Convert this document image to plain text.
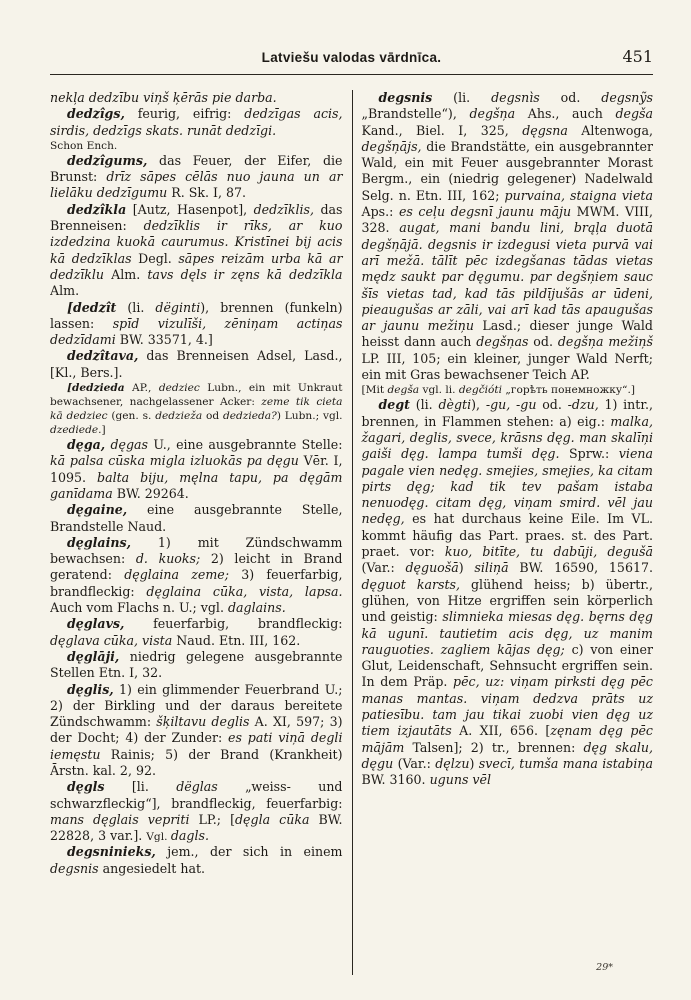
Latviešu valodas vārdnīca.	451

nekļa dedzību viņš ķērās pie darba.

dedzîgs, feurig, eifrig: dedzīgas acis, sirdis, dedzīgs skats. runāt dedzīgi.

Schon Ench.

dedzîgums, das Feuer, der Eifer, die Brunst: drīz sāpes cēlās nuo jauna un ar lielāku dedzīgumu R. Sk. I, 87.

dedzîkla [Autz, Hasenpot], dedzīklis, das Brenneisen: dedzīklis ir rīks, ar kuo izdedzina kuokā caurumus. Kristīnei bij acis kā dedzīklas Degl. sāpes reizām urba kā ar dedzīklu Alm. tavs dęls ir zęns kā dedzīkla Alm.

[dedzît (li. dëginti), brennen (funkeln) lassen: spīd vizulīši, zēniņam actiņas dedzīdami BW. 33571, 4.]

dedzîtava, das Brenneisen Adsel, Lasd., [Kl., Bers.].

[dedzieda AP., dedziec Lubn., ein mit Unkraut bewachsener, nachgelassener Acker: zeme tik cieta kā dedziec (gen. s. dedzieža od dedzieda?) Lubn.; vgl. dzediede.]

dęga, dęgas U., eine ausgebrannte Stelle: kā palsa cūska migla izluokās pa dęgu Vēr. I, 1095. balta biju, męlna tapu, pa dęgām ganīdama BW. 29264.

dęgaine, eine ausgebrannte Stelle, Brandstelle Naud.

dęglains, 1) mit Zündschwamm bewachsen: d. kuoks; 2) leicht in Brand geratend: dęglaina zeme; 3) feuerfarbig, brandfleckig: dęglaina cūka, vista, lapsa. Auch vom Flachs n. U.; vgl. daglains.

dęglavs, feuerfarbig, brandfleckig: dęglava cūka, vista Naud. Etn. III, 162.

dęglāji, niedrig gelegene ausgebrannte Stellen Etn. I, 32.

dęglis, 1) ein glimmender Feuerbrand U.; 2) der Birkling und der daraus bereitete Zündschwamm: šķiltavu deglis A. XI, 597; 3) der Docht; 4) der Zunder: es pati viņā degli iemęstu Rainis; 5) der Brand (Krankheit) Ārstn. kal. 2, 92.

dęgls [li. dëglas „weiss- und schwarzfleckig“], brandfleckig, feuerfarbig: mans dęglais vepriti LP.; [dęgla cūka BW. 22828, 3 var.]. Vgl. dagls.

degsninieks, jem., der sich in einem degsnis angesiedelt hat.

degsnis (li. degsnìs od. degsnỹs „Brandstelle“), degšņa Ahs., auch degša Kand., Biel. I, 325, dęgsna Altenwoga, degšņājs, die Brandstätte, ein ausgebrannter Wald, ein mit Feuer ausgebrannter Morast Bergm., ein (niedrig gelegener) Nadelwald Selg. n. Etn. III, 162; purvaina, staigna vieta Aps.: es ceļu degsnī jaunu māju MWM. VIII, 328. augat, mani bandu lini, brąļa duotā degšņājā. degsnis ir izdegusi vieta purvā vai arī mežā. tālīt pēc izdegšanas tādas vietas mędz saukt par dęgumu. par degšņiem sauc šīs vietas tad, kad tās pildījušās ar ūdeni, pieaugušas ar zāli, vai arī kad tās apaugušas ar jaunu mežiņu Lasd.; dieser junge Wald heisst dann auch degšņas od. degšņa mežiņš LP. III, 105; ein kleiner, junger Wald Nerft; ein mit Gras bewachsener Teich AP.

[Mit degša vgl. li. degčióti „горѣть понемножку“.]

degt (li. dègti), -gu, -gu od. -dzu, 1) intr., brennen, in Flammen stehen: a) eig.: malka, žagari, deglis, svece, krāsns dęg. man skalīņi gaiši dęg. lampa tumši dęg. Sprw.: viena pagale vien nedęg. smejies, smejies, ka citam pirts dęg; kad tik tev pašam istaba nenuodęg. citam dęg, viņam smird. vēl jau nedęg, es hat durchaus keine Eile. Im VL. kommt häufig das Part. praes. st. des Part. praet. vor: kuo, bitīte, tu dabūji, degušā (Var.: dęguošā) siliņā BW. 16590, 15617. dęguot karsts, glühend heiss; b) übertr., glühen, von Hitze ergriffen sein körperlich und geistig: slimnieka miesas dęg. bęrns dęg kā ugunī. tautietim acis dęg, uz manim rauguoties. zagliem kājas dęg; c) von einer Glut, Leidenschaft, Sehnsucht ergriffen sein. In dem Präp. pēc, uz: viņam pirksti dęg pēc manas mantas. viņam dedzva prāts uz patiesību. tam jau tikai zuobi vien dęg uz tiem izjautāts A. XII, 656. [zęnam dęg pēc mājām Talsen]; 2) tr., brennen: dęg skalu, dęgu (Var.: dęlzu) svecī, tumša mana istabiņa BW. 3160. uguns vēl

29*
